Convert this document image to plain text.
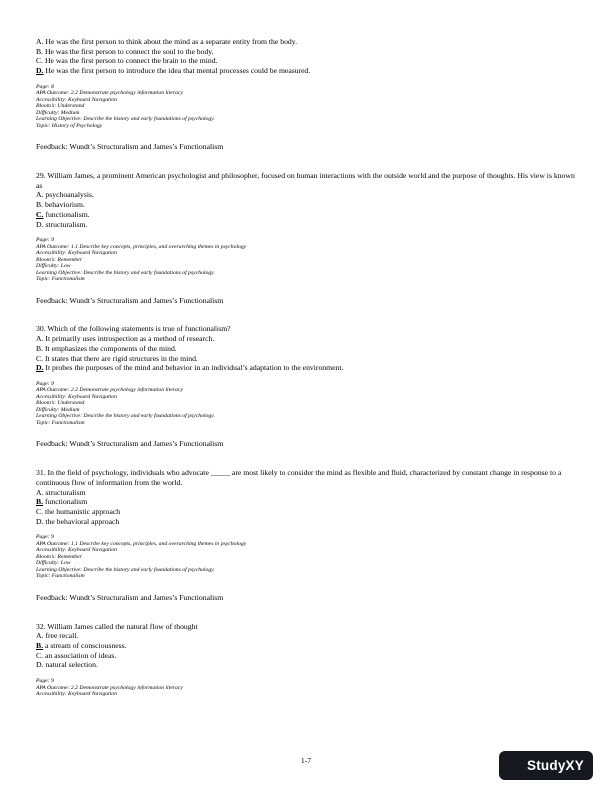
A. He was the first person to think about the mind as a separate entity from the body.
B. He was the first person to connect the soul to the body.
C. He was the first person to connect the brain to the mind.
D. He was the first person to introduce the idea that mental processes could be measured.
Page: 8
APA Outcome: 2.2 Demonstrate psychology information literacy
Accessibility: Keyboard Navigation
Bloom’s: Understand
Difficulty: Medium
Learning Objective: Describe the history and early foundations of psychology.
Topic: History of Psychology
Feedback: Wundt’s Structuralism and James’s Functionalism
29. William James, a prominent American psychologist and philosopher, focused on human interactions with the outside world and the purpose of thoughts. His view is known as
A. psychoanalysis.
B. behaviorism.
C. functionalism.
D. structuralism.
Page: 9
APA Outcome: 1.1 Describe key concepts, principles, and overarching themes in psychology
Accessibility: Keyboard Navigation
Bloom’s: Remember
Difficulty: Low
Learning Objective: Describe the history and early foundations of psychology.
Topic: Functionalism
Feedback: Wundt’s Structuralism and James’s Functionalism
30. Which of the following statements is true of functionalism?
A. It primarily uses introspection as a method of research.
B. It emphasizes the components of the mind.
C. It states that there are rigid structures in the mind.
D. It probes the purposes of the mind and behavior in an individual’s adaptation to the environment.
Page: 9
APA Outcome: 2.2 Demonstrate psychology information literacy
Accessibility: Keyboard Navigation
Bloom’s: Understand
Difficulty: Medium
Learning Objective: Describe the history and early foundations of psychology.
Topic: Functionalism
Feedback: Wundt’s Structuralism and James’s Functionalism
31. In the field of psychology, individuals who advocate _____ are most likely to consider the mind as flexible and fluid, characterized by constant change in response to a continuous flow of information from the world.
A. structuralism
B. functionalism
C. the humanistic approach
D. the behavioral approach
Page: 9
APA Outcome: 1.1 Describe key concepts, principles, and overarching themes in psychology
Accessibility: Keyboard Navigation
Bloom’s: Remember
Difficulty: Low
Learning Objective: Describe the history and early foundations of psychology.
Topic: Functionalism
Feedback: Wundt’s Structuralism and James’s Functionalism
32. William James called the natural flow of thought
A. free recall.
B. a stream of consciousness.
C. an association of ideas.
D. natural selection.
Page: 9
APA Outcome: 2.2 Demonstrate psychology information literacy
Accessibility: Keyboard Navigation
1-7	StudyXY
